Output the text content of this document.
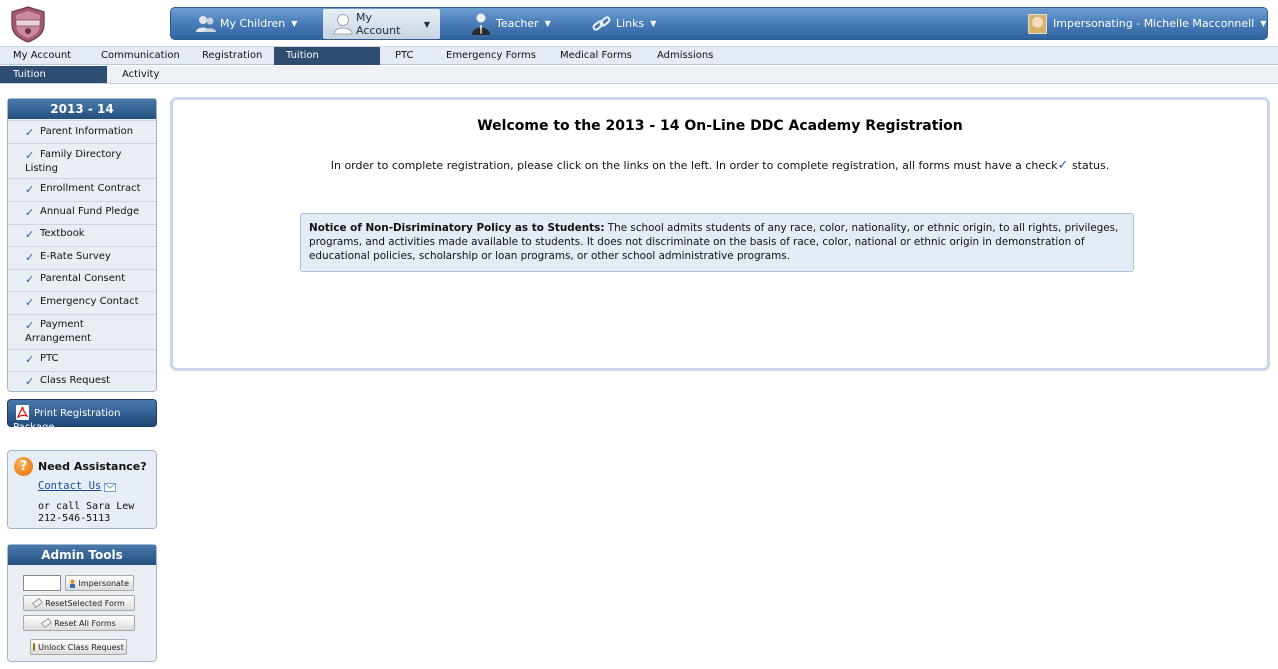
My Children ▼	My Account	▼	Teacher ▼	Links ▼	Impersonating - Michelle Macconnell ▼
My Account	Communication	Registration	Tuition	PTC	Emergency Forms	Medical Forms	Admissions
Tuition Contracts
Activity
2013 - 14
✓ Parent Information
✓ Family Directory
Listing
✓ Enrollment Contract
✓ Annual Fund Pledge
✓ Textbook
✓ E-Rate Survey
✓ Parental Consent
✓ Emergency Contact
✓ Payment
Arrangement
✓ PTC
✓ Class Request
Print Registration
Package
? Need Assistance?
Contact Us
or call Sara Lew
212-546-5113
Admin Tools
Impersonate
ResetSelected Form
Reset All Forms
Unlock Class Request
Welcome to the 2013 - 14 On-Line DDC Academy Registration
In order to complete registration, please click on the links on the left. In order to complete registration, all forms must have a check✓ status.
Notice of Non-Disriminatory Policy as to Students: The school admits students of any race, color, nationality, or ethnic origin, to all rights, privileges, programs, and activities made available to students. It does not discriminate on the basis of race, color, national or ethnic origin in demonstration of educational policies, scholarship or loan programs, or other school administrative programs.
